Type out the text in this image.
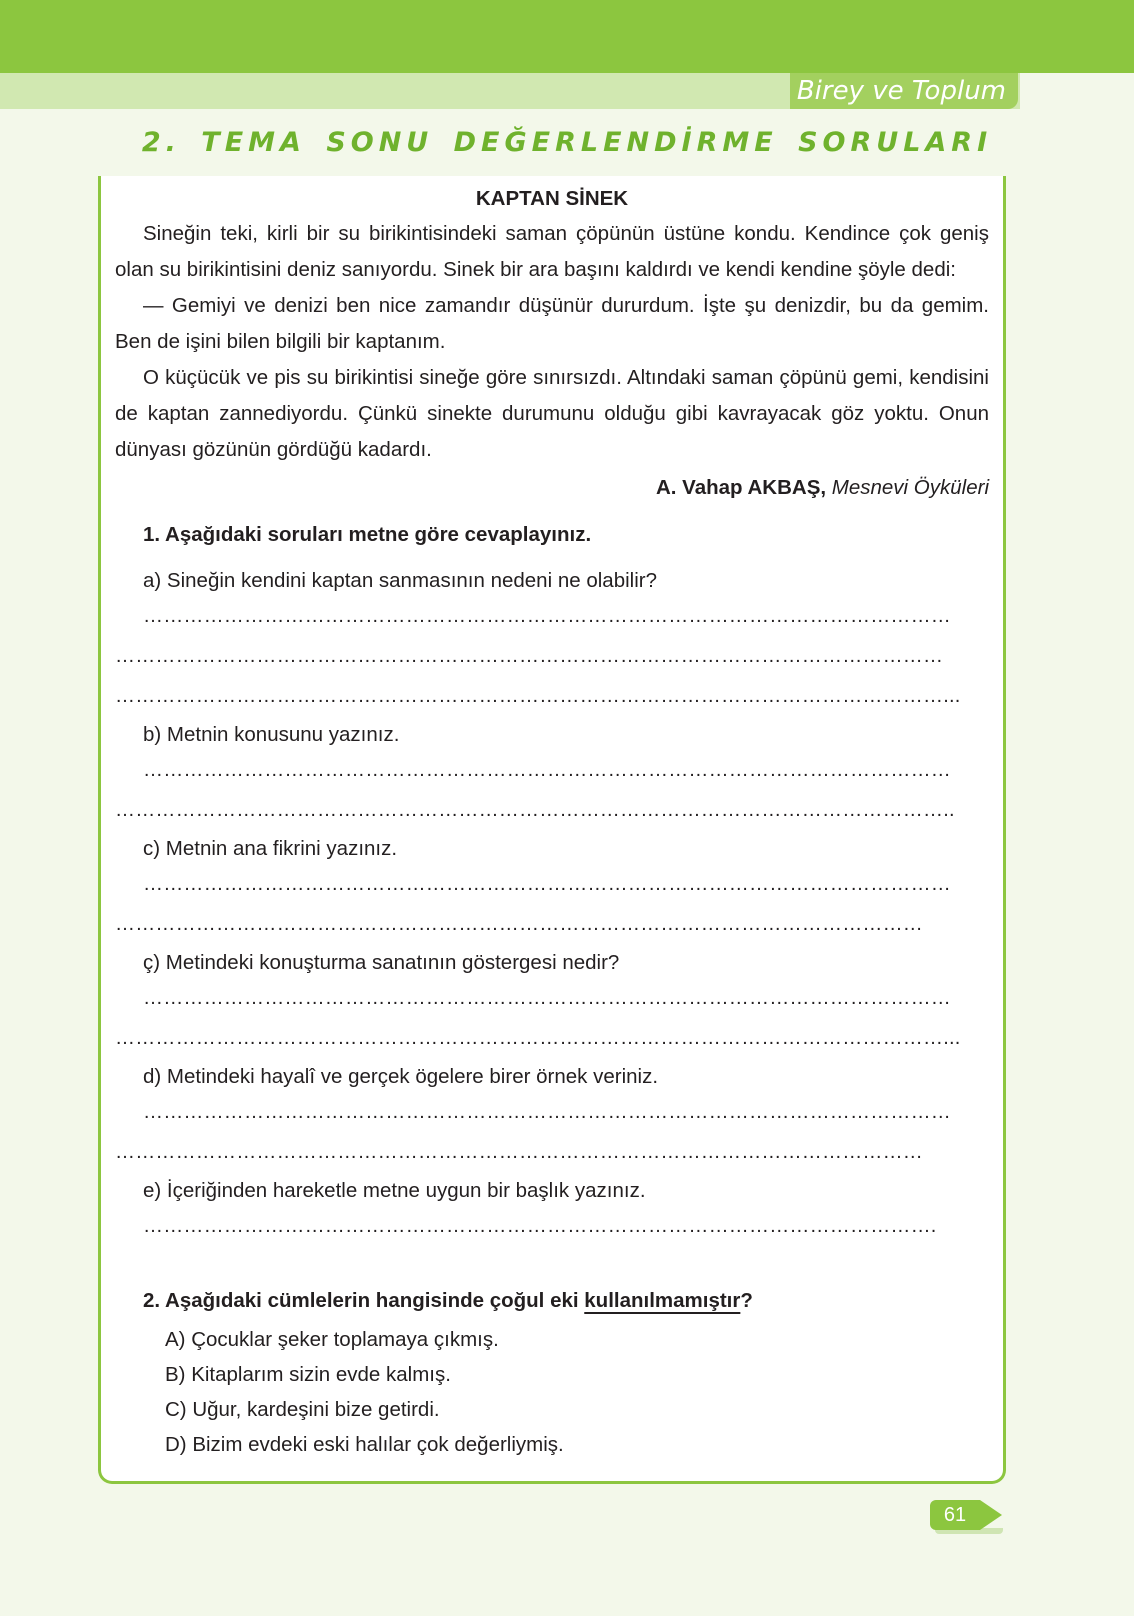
Birey ve Toplum
2. TEMA SONU DEĞERLENDİRME SORULARI
KAPTAN SİNEK

Sineğin teki, kirli bir su birikintisindeki saman çöpünün üstüne kondu. Kendince çok geniş olan su birikintisini deniz sanıyordu. Sinek bir ara başını kaldırdı ve kendi kendine şöyle dedi:

— Gemiyi ve denizi ben nice zamandır düşünür dururdum. İşte şu denizdir, bu da gemim. Ben de işini bilen bilgili bir kaptanım.

O küçücük ve pis su birikintisi sineğe göre sınırsızdı. Altındaki saman çöpünü gemi, kendisini de kaptan zannediyordu. Çünkü sinekte durumunu olduğu gibi kavrayacak göz yoktu. Onun dünyası gözünün gördüğü kadardı.

A. Vahap AKBAŞ, Mesnevi Öyküleri
1. Aşağıdaki soruları metne göre cevaplayınız.
a) Sineğin kendini kaptan sanmasının nedeni ne olabilir?
…………………………………………………………………………………………………………
……………………………………………………………………………………………………………
……………………………………………………………………………………………………………...
b) Metnin konusunu yazınız.
…………………………………………………………………………………………………………
……………………………………………………………………………………………………………..
c) Metnin ana fikrini yazınız.
…………………………………………………………………………………………………………
…………………………………………………………………………………………………………
ç) Metindeki konuşturma sanatının göstergesi nedir?
…………………………………………………………………………………………………………
……………………………………………………………………………………………………………...
d) Metindeki hayalî ve gerçek ögelere birer örnek veriniz.
…………………………………………………………………………………………………………
…………………………………………………………………………………………………………
e) İçeriğinden hareketle metne uygun bir başlık yazınız.
……………………………………………………………………………………………………….
2. Aşağıdaki cümlelerin hangisinde çoğul eki kullanılmamıştır?
A) Çocuklar şeker toplamaya çıkmış.
B) Kitaplarım sizin evde kalmış.
C) Uğur, kardeşini bize getirdi.
D) Bizim evdeki eski halılar çok değerliymiş.
61
